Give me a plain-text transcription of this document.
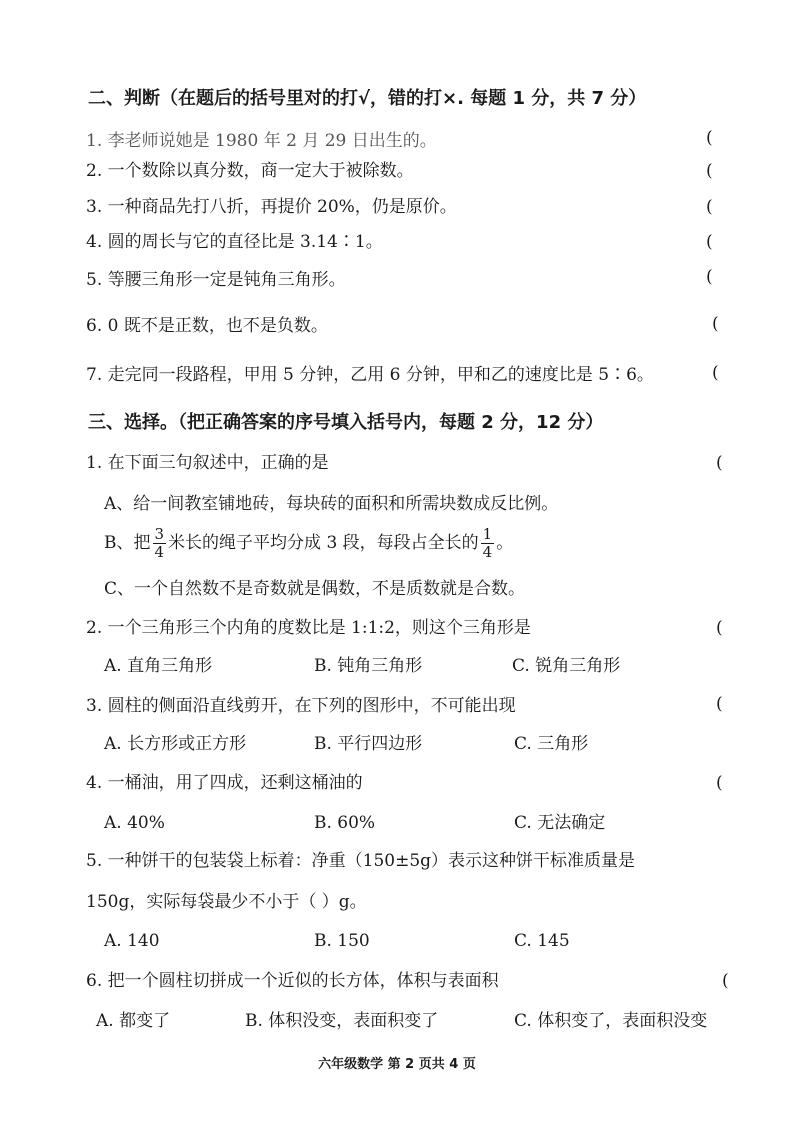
二、判断（在题后的括号里对的打√，错的打×. 每题 1 分，共 7 分）
1. 李老师说她是 1980 年 2 月 29 日出生的。	(
2. 一个数除以真分数，商一定大于被除数。	(
3. 一种商品先打八折，再提价 20%，仍是原价。	(
4. 圆的周长与它的直径比是 3.14∶1。	(
5. 等腰三角形一定是钝角三角形。	(
6. 0 既不是正数，也不是负数。	(
7. 走完同一段路程，甲用 5 分钟，乙用 6 分钟，甲和乙的速度比是 5∶6。	(
三、选择。（把正确答案的序号填入括号内，每题 2 分，12 分）
1. 在下面三句叙述中，正确的是	(
A、给一间教室铺地砖，每块砖的面积和所需块数成反比例。
B、把 $\frac{3}{4}$ 米长的绳子平均分成 3 段，每段占全长的 $\frac{1}{4}$ 。
C、一个自然数不是奇数就是偶数，不是质数就是合数。
2. 一个三角形三个内角的度数比是 1:1:2，则这个三角形是	(
A. 直角三角形	B. 钝角三角形	C. 锐角三角形
3. 圆柱的侧面沿直线剪开，在下列的图形中，不可能出现	(
A. 长方形或正方形	B. 平行四边形	C. 三角形
4. 一桶油，用了四成，还剩这桶油的	(
A. 40%	B. 60%	C. 无法确定
5. 一种饼干的包装袋上标着：净重（150±5g）表示这种饼干标准质量是
150g，实际每袋最少不小于（ ）g。
A. 140	B. 150	C. 145
6. 把一个圆柱切拼成一个近似的长方体，体积与表面积	(
A. 都变了	B. 体积没变，表面积变了	C. 体积变了，表面积没变
六年级数学 第 2 页共 4 页
